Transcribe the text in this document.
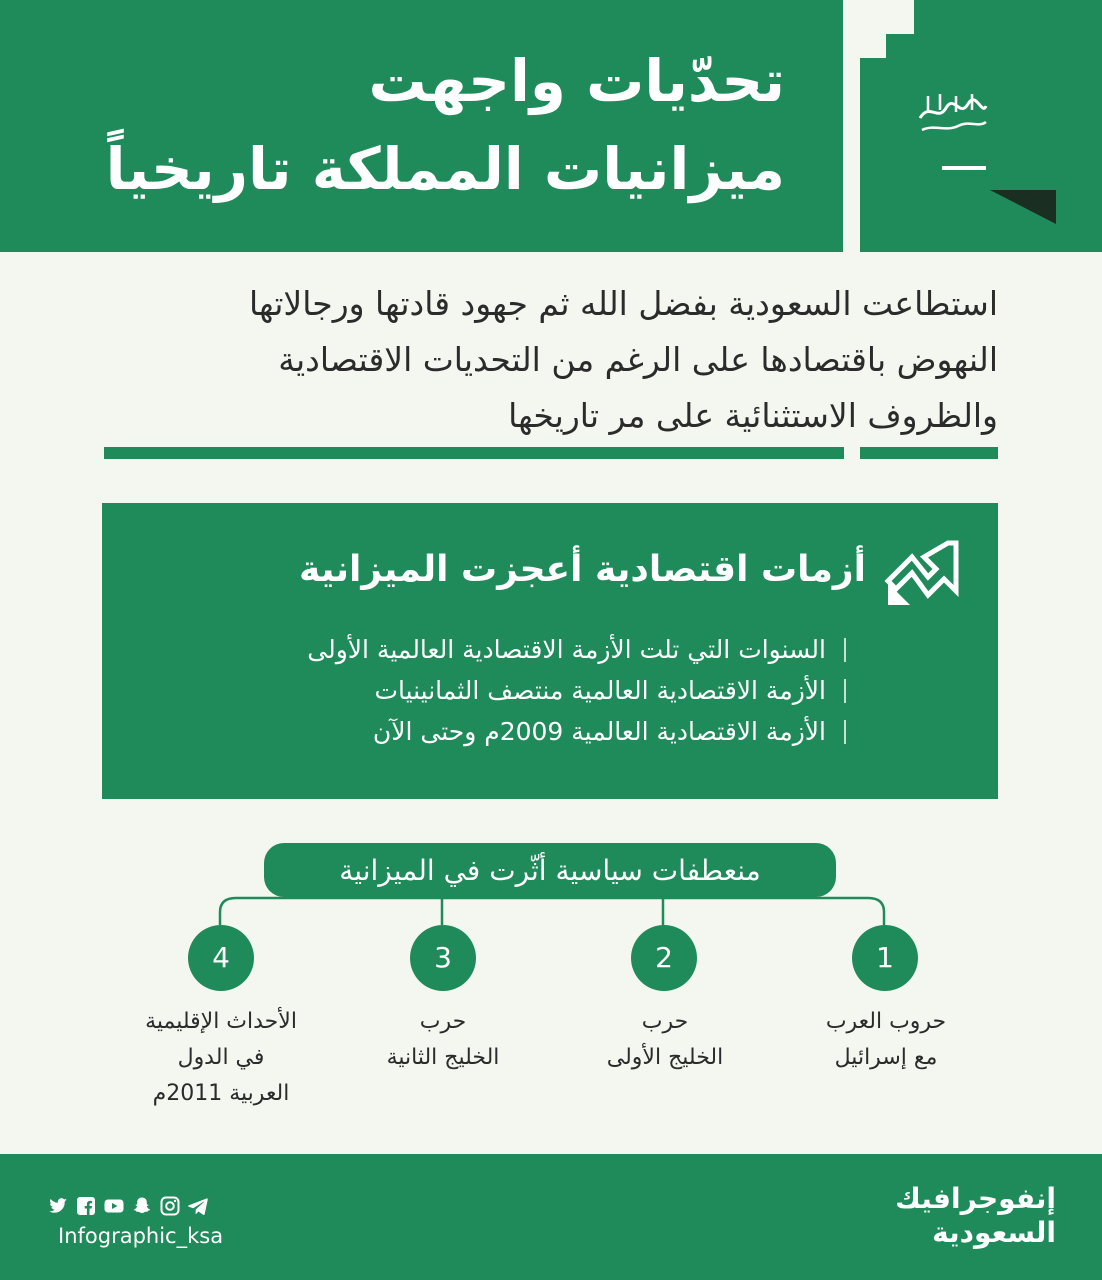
تحدّيات واجهت
ميزانيات المملكة تاريخياً
استطاعت السعودية بفضل الله ثم جهود قادتها ورجالاتها
النهوض باقتصادها على الرغم من التحديات الاقتصادية
والظروف الاستثنائية على مر تاريخها
أزمات اقتصادية أعجزت الميزانية
السنوات التي تلت الأزمة الاقتصادية العالمية الأولى
الأزمة الاقتصادية العالمية منتصف الثمانينيات
الأزمة الاقتصادية العالمية 2009م وحتى الآن
منعطفات سياسية أثّرت في الميزانية
1
2
3
4
حروب العرب
مع إسرائيل
حرب
الخليج الأولى
حرب
الخليج الثانية
الأحداث الإقليمية
في الدول
العربية 2011م
Infographic_ksa
إنفوجرافيك
السعودية
